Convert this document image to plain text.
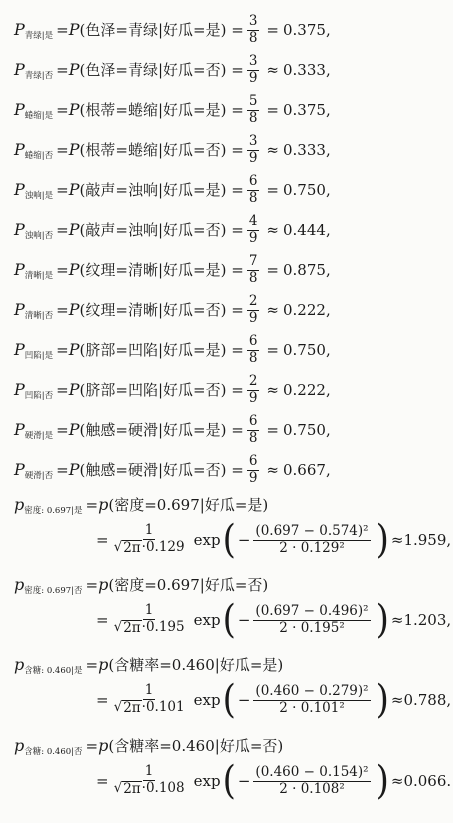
P 青绿|是 = P ( 色泽 = 青绿 | 好瓜 = 是 ) = $\frac{3}{8} = 0.375$ ,
P 青绿|否 = P ( 色泽 = 青绿 | 好瓜 = 否 ) = $\frac{3}{9} \approx 0.333$ ,
P 蜷缩|是 = P ( 根蒂 = 蜷缩 | 好瓜 = 是 ) = $\frac{5}{8} = 0.375$ ,
P 蜷缩|否 = P ( 根蒂 = 蜷缩 | 好瓜 = 否 ) = $\frac{3}{9} \approx 0.333$ ,
P 浊响|是 = P ( 敲声 = 浊响 | 好瓜 = 是 ) = $\frac{6}{8} = 0.750$ ,
P 浊响|否 = P ( 敲声 = 浊响 | 好瓜 = 否 ) = $\frac{4}{9} \approx 0.444$ ,
P 清晰|是 = P ( 纹理 = 清晰 | 好瓜 = 是 ) = $\frac{7}{8} = 0.875$ ,
P 清晰|否 = P ( 纹理 = 清晰 | 好瓜 = 否 ) = $\frac{2}{9} \approx 0.222$ ,
P 凹陷|是 = P ( 脐部 = 凹陷 | 好瓜 = 是 ) = $\frac{6}{8} = 0.750$ ,
P 凹陷|否 = P ( 脐部 = 凹陷 | 好瓜 = 否 ) = $\frac{2}{9} \approx 0.222$ ,
P 硬滑|是 = P ( 触感 = 硬滑 | 好瓜 = 是 ) = $\frac{6}{8} = 0.750$ ,
P 硬滑|否 = P ( 触感 = 硬滑 | 好瓜 = 否 ) = $\frac{6}{9} \approx 0.667$ ,
p 密度: 0.697|是 = p ( 密度 = 0.697 | 好瓜 = 是 )
= $\frac{1}{√ 2\pi \cdot 0.129}$ exp ( − $\frac{\text{(0.697 − 0.574)²}}{\text{2 · 0.129²}}$ ) ≈ 1.959 ,
p 密度: 0.697|否 = p ( 密度 = 0.697 | 好瓜 = 否 )
= $\frac{1}{√ 2\pi \cdot 0.195}$ exp ( − $\frac{\text{(0.697 − 0.496)²}}{\text{2 · 0.195²}}$ ) ≈ 1.203 ,
p 含糖: 0.460|是 = p ( 含糖率 = 0.460 | 好瓜 = 是 )
= $\frac{1}{√ 2\pi \cdot 0.101}$ exp ( − $\frac{\text{(0.460 − 0.279)²}}{\text{2 · 0.101²}}$ ) ≈ 0.788 ,
p 含糖: 0.460|否 = p ( 含糖率 = 0.460 | 好瓜 = 否 )
= $\frac{1}{√ 2\pi \cdot 0.108}$ exp ( − $\frac{\text{(0.460 − 0.154)²}}{\text{2 · 0.108²}}$ ) ≈ 0.066 .
